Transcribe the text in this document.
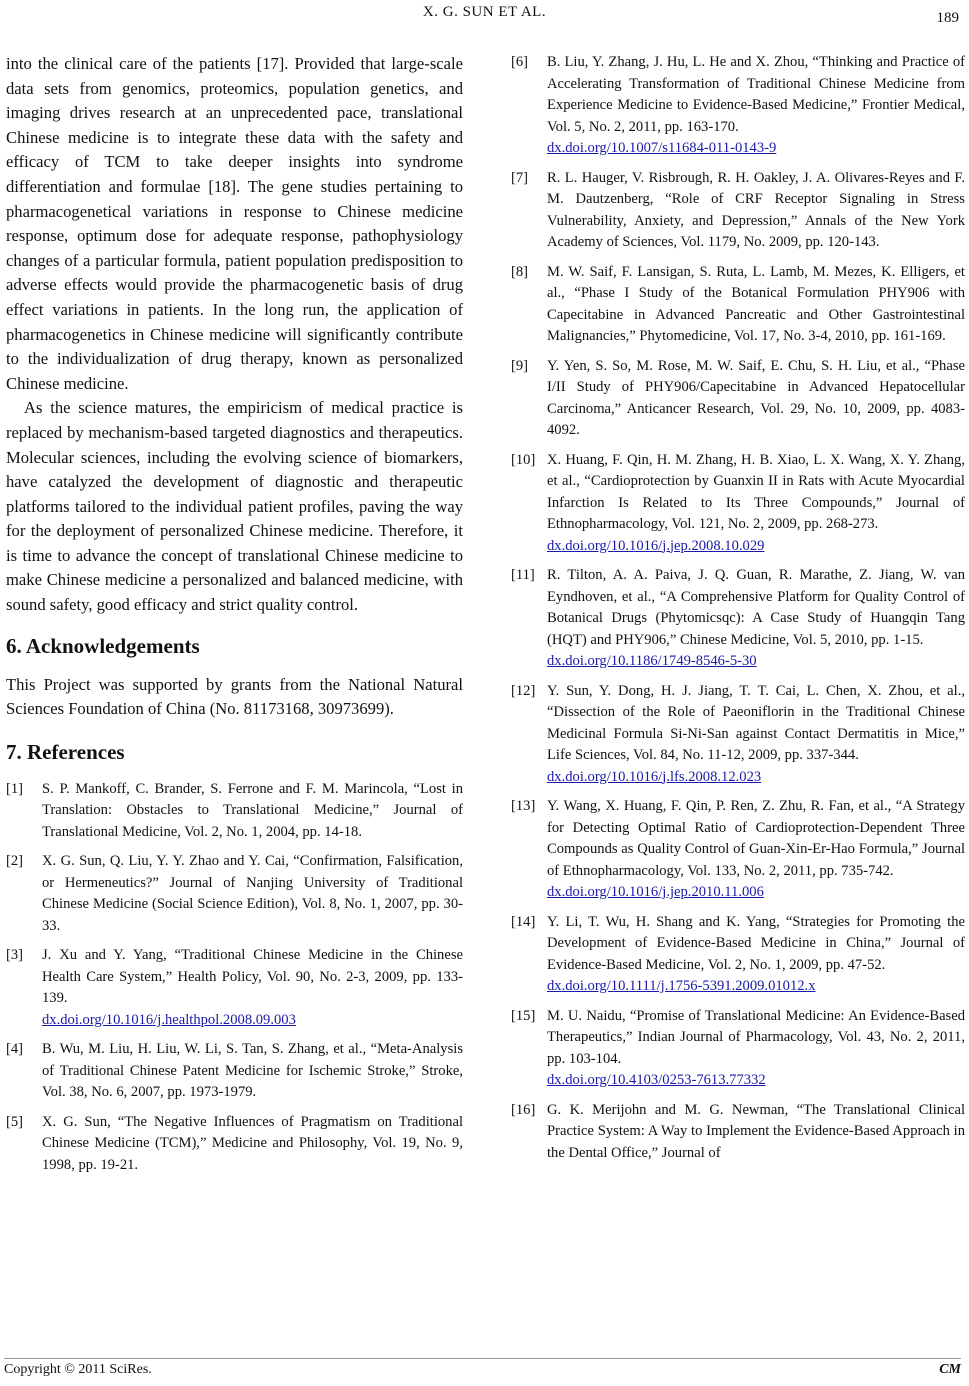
X. G. SUN ET AL.	189

into the clinical care of the patients [17]. Provided that large-scale data sets from genomics, proteomics, population genetics, and imaging drives research at an unprecedented pace, translational Chinese medicine is to integrate these data with the safety and efficacy of TCM to take deeper insights into syndrome differentiation and formulae [18]. The gene studies pertaining to pharmacogenetical variations in response to Chinese medicine response, optimum dose for adequate response, pathophysiology changes of a particular formula, patient population predisposition to adverse effects would provide the pharmacogenetic basis of drug effect variations in patients. In the long run, the application of pharmacogenetics in Chinese medicine will significantly contribute to the individualization of drug therapy, known as personalized Chinese medicine.

As the science matures, the empiricism of medical practice is replaced by mechanism-based targeted diagnostics and therapeutics. Molecular sciences, including the evolving science of biomarkers, have catalyzed the development of diagnostic and therapeutic platforms tailored to the individual patient profiles, paving the way for the deployment of personalized Chinese medicine. Therefore, it is time to advance the concept of translational Chinese medicine to make Chinese medicine a personalized and balanced medicine, with sound safety, good efficacy and strict quality control.

6. Acknowledgements

This Project was supported by grants from the National Natural Sciences Foundation of China (No. 81173168, 30973699).

7. References
[1] S. P. Mankoff, C. Brander, S. Ferrone and F. M. Marincola, “Lost in Translation: Obstacles to Translational Medicine,” Journal of Translational Medicine, Vol. 2, No. 1, 2004, pp. 14-18.
[2] X. G. Sun, Q. Liu, Y. Y. Zhao and Y. Cai, “Confirmation, Falsification, or Hermeneutics?” Journal of Nanjing University of Traditional Chinese Medicine (Social Science Edition), Vol. 8, No. 1, 2007, pp. 30-33.
[3] J. Xu and Y. Yang, “Traditional Chinese Medicine in the Chinese Health Care System,” Health Policy, Vol. 90, No. 2-3, 2009, pp. 133-139.
dx.doi.org/10.1016/j.healthpol.2008.09.003
[4] B. Wu, M. Liu, H. Liu, W. Li, S. Tan, S. Zhang, et al., “Meta-Analysis of Traditional Chinese Patent Medicine for Ischemic Stroke,” Stroke, Vol. 38, No. 6, 2007, pp. 1973-1979.
[5] X. G. Sun, “The Negative Influences of Pragmatism on Traditional Chinese Medicine (TCM),” Medicine and Philosophy, Vol. 19, No. 9, 1998, pp. 19-21.
[6] B. Liu, Y. Zhang, J. Hu, L. He and X. Zhou, “Thinking and Practice of Accelerating Transformation of Traditional Chinese Medicine from Experience Medicine to Evidence-Based Medicine,” Frontier Medical, Vol. 5, No. 2, 2011, pp. 163-170.
dx.doi.org/10.1007/s11684-011-0143-9
[7] R. L. Hauger, V. Risbrough, R. H. Oakley, J. A. Olivares-Reyes and F. M. Dautzenberg, “Role of CRF Receptor Signaling in Stress Vulnerability, Anxiety, and Depression,” Annals of the New York Academy of Sciences, Vol. 1179, No. 2009, pp. 120-143.
[8] M. W. Saif, F. Lansigan, S. Ruta, L. Lamb, M. Mezes, K. Elligers, et al., “Phase I Study of the Botanical Formulation PHY906 with Capecitabine in Advanced Pancreatic and Other Gastrointestinal Malignancies,” Phytomedicine, Vol. 17, No. 3-4, 2010, pp. 161-169.
[9] Y. Yen, S. So, M. Rose, M. W. Saif, E. Chu, S. H. Liu, et al., “Phase I/II Study of PHY906/Capecitabine in Advanced Hepatocellular Carcinoma,” Anticancer Research, Vol. 29, No. 10, 2009, pp. 4083-4092.
[10] X. Huang, F. Qin, H. M. Zhang, H. B. Xiao, L. X. Wang, X. Y. Zhang, et al., “Cardioprotection by Guanxin II in Rats with Acute Myocardial Infarction Is Related to Its Three Compounds,” Journal of Ethnopharmacology, Vol. 121, No. 2, 2009, pp. 268-273.
dx.doi.org/10.1016/j.jep.2008.10.029
[11] R. Tilton, A. A. Paiva, J. Q. Guan, R. Marathe, Z. Jiang, W. van Eyndhoven, et al., “A Comprehensive Platform for Quality Control of Botanical Drugs (Phytomicsqc): A Case Study of Huangqin Tang (HQT) and PHY906,” Chinese Medicine, Vol. 5, 2010, pp. 1-15.
dx.doi.org/10.1186/1749-8546-5-30
[12] Y. Sun, Y. Dong, H. J. Jiang, T. T. Cai, L. Chen, X. Zhou, et al., “Dissection of the Role of Paeoniflorin in the Traditional Chinese Medicinal Formula Si-Ni-San against Contact Dermatitis in Mice,” Life Sciences, Vol. 84, No. 11-12, 2009, pp. 337-344.
dx.doi.org/10.1016/j.lfs.2008.12.023
[13] Y. Wang, X. Huang, F. Qin, P. Ren, Z. Zhu, R. Fan, et al., “A Strategy for Detecting Optimal Ratio of Cardioprotection-Dependent Three Compounds as Quality Control of Guan-Xin-Er-Hao Formula,” Journal of Ethnopharmacology, Vol. 133, No. 2, 2011, pp. 735-742.
dx.doi.org/10.1016/j.jep.2010.11.006
[14] Y. Li, T. Wu, H. Shang and K. Yang, “Strategies for Promoting the Development of Evidence-Based Medicine in China,” Journal of Evidence-Based Medicine, Vol. 2, No. 1, 2009, pp. 47-52.
dx.doi.org/10.1111/j.1756-5391.2009.01012.x
[15] M. U. Naidu, “Promise of Translational Medicine: An Evidence-Based Therapeutics,” Indian Journal of Pharmacology, Vol. 43, No. 2, 2011, pp. 103-104.
dx.doi.org/10.4103/0253-7613.77332
[16] G. K. Merijohn and M. G. Newman, “The Translational Clinical Practice System: A Way to Implement the Evidence-Based Approach in the Dental Office,” Journal of
Copyright © 2011 SciRes.	CM
